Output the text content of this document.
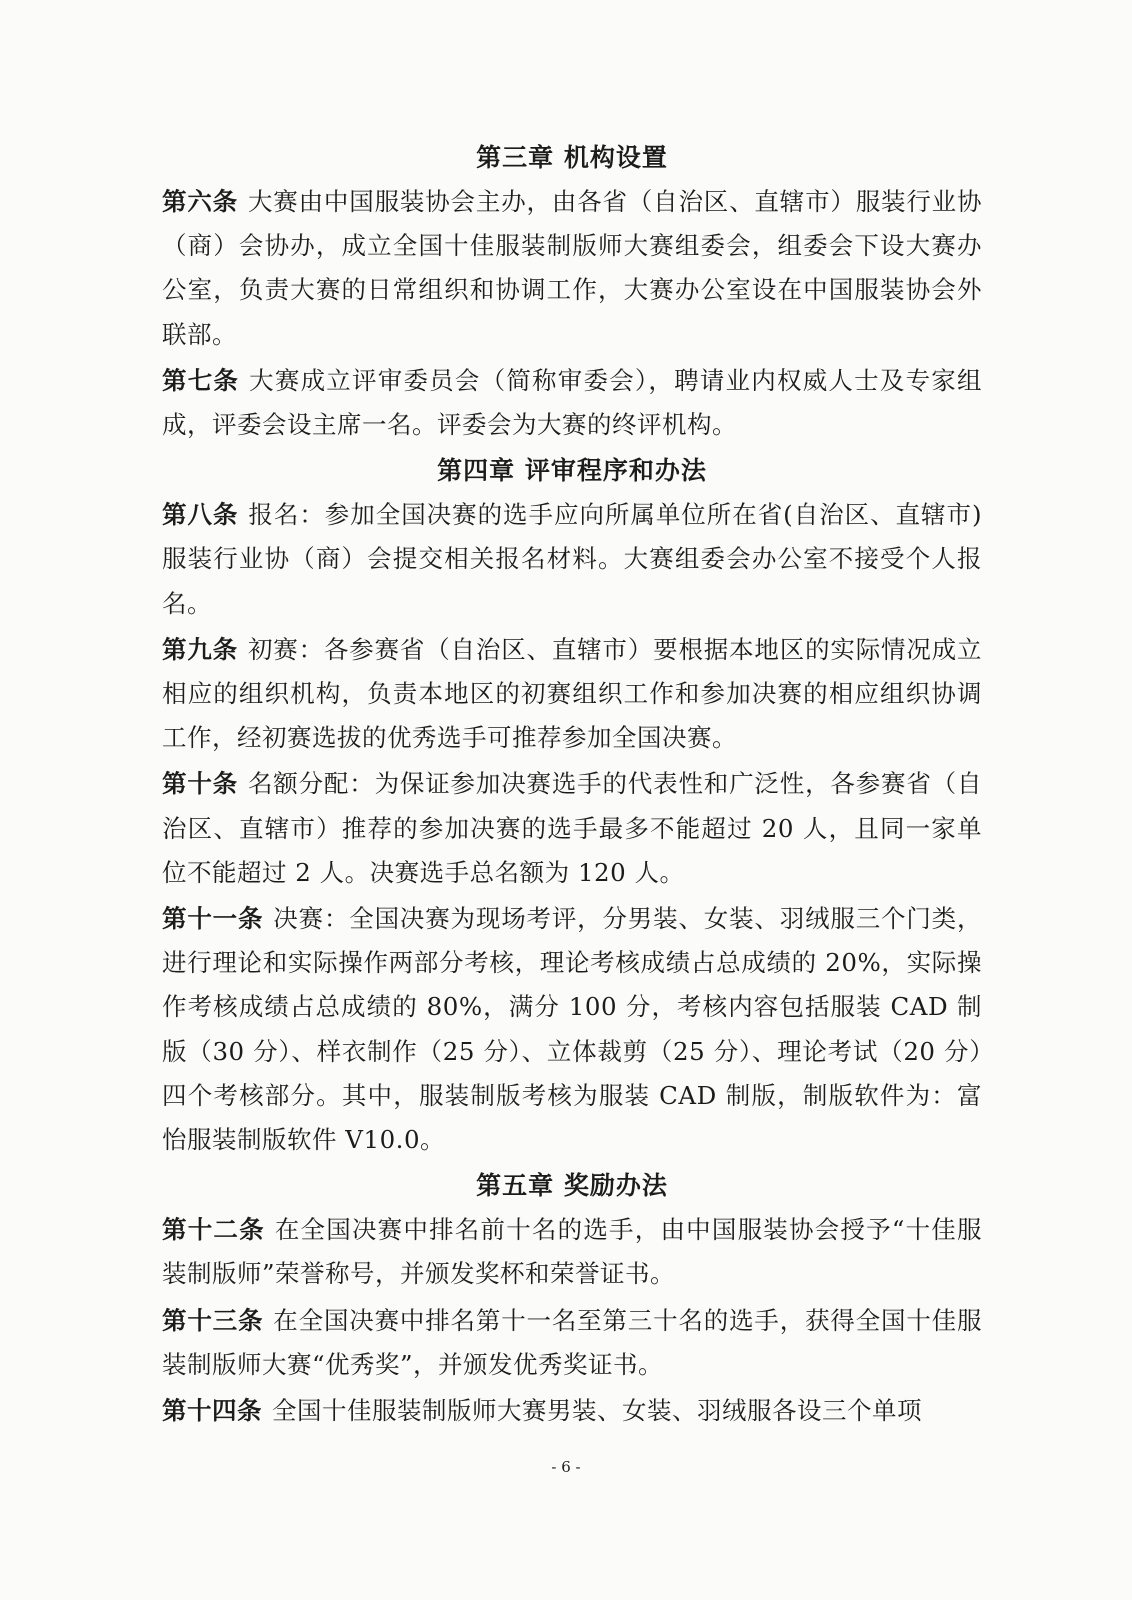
第三章 机构设置

第六条 大赛由中国服装协会主办，由各省（自治区、直辖市）服装行业协（商）会协办，成立全国十佳服装制版师大赛组委会，组委会下设大赛办公室，负责大赛的日常组织和协调工作，大赛办公室设在中国服装协会外联部。

第七条 大赛成立评审委员会（简称审委会），聘请业内权威人士及专家组成，评委会设主席一名。评委会为大赛的终评机构。

第四章 评审程序和办法

第八条 报名：参加全国决赛的选手应向所属单位所在省(自治区、直辖市)服装行业协（商）会提交相关报名材料。大赛组委会办公室不接受个人报名。

第九条 初赛：各参赛省（自治区、直辖市）要根据本地区的实际情况成立相应的组织机构，负责本地区的初赛组织工作和参加决赛的相应组织协调工作，经初赛选拔的优秀选手可推荐参加全国决赛。

第十条 名额分配：为保证参加决赛选手的代表性和广泛性，各参赛省（自治区、直辖市）推荐的参加决赛的选手最多不能超过 20 人，且同一家单位不能超过 2 人。决赛选手总名额为 120 人。

第十一条 决赛：全国决赛为现场考评，分男装、女装、羽绒服三个门类，进行理论和实际操作两部分考核，理论考核成绩占总成绩的 20%，实际操作考核成绩占总成绩的 80%，满分 100 分，考核内容包括服装 CAD 制版（30 分）、样衣制作（25 分）、立体裁剪（25 分）、理论考试（20 分）四个考核部分。其中，服装制版考核为服装 CAD 制版，制版软件为：富怡服装制版软件 V10.0。

第五章 奖励办法

第十二条 在全国决赛中排名前十名的选手，由中国服装协会授予“十佳服装制版师”荣誉称号，并颁发奖杯和荣誉证书。

第十三条 在全国决赛中排名第十一名至第三十名的选手，获得全国十佳服装制版师大赛“优秀奖”，并颁发优秀奖证书。

第十四条 全国十佳服装制版师大赛男装、女装、羽绒服各设三个单项

- 6 -
